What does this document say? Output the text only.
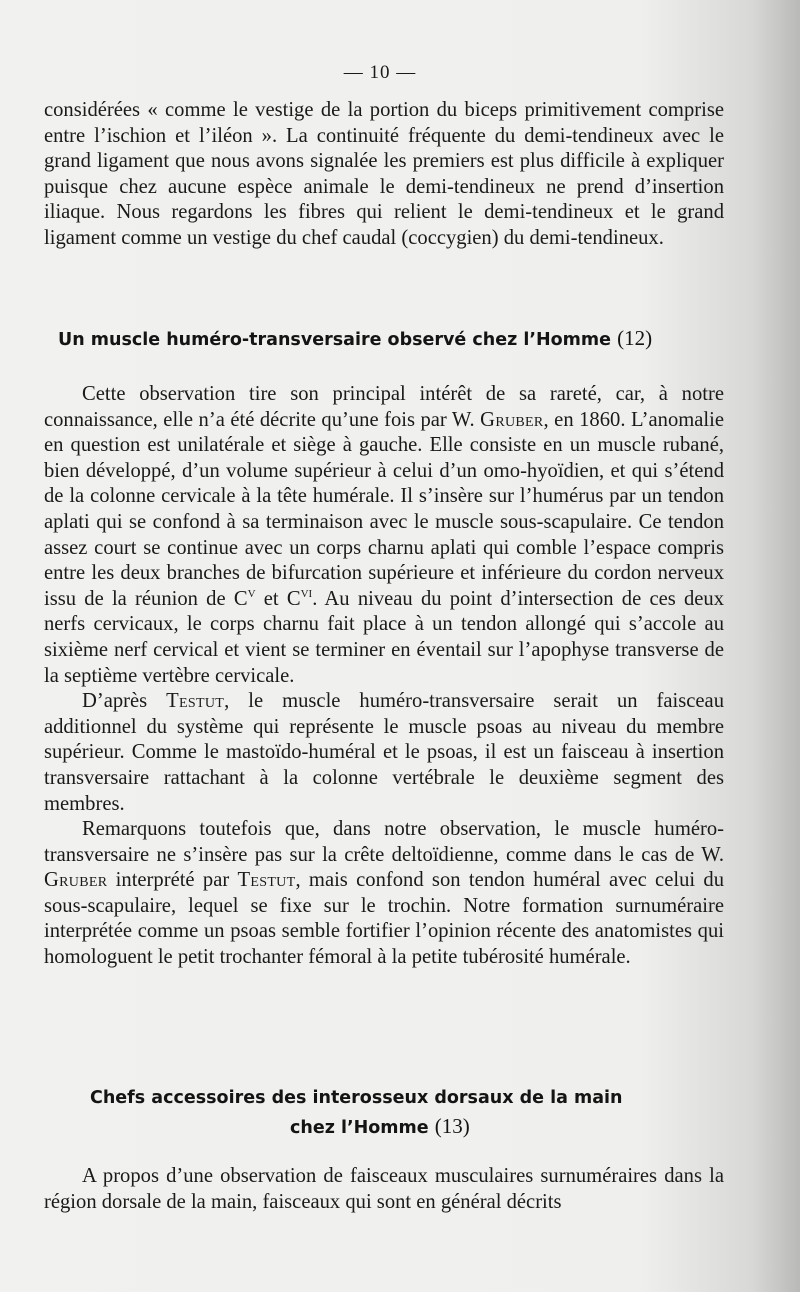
— 10 —

considérées « comme le vestige de la portion du biceps primitivement comprise entre l’ischion et l’iléon ». La continuité fréquente du demi-tendineux avec le grand ligament que nous avons signalée les premiers est plus difficile à expliquer puisque chez aucune espèce animale le demi-tendineux ne prend d’insertion iliaque. Nous regardons les fibres qui relient le demi-tendineux et le grand ligament comme un vestige du chef caudal (coccygien) du demi-tendineux.

Un muscle huméro-transversaire observé chez l’Homme (12)

Cette observation tire son principal intérêt de sa rareté, car, à notre connaissance, elle n’a été décrite qu’une fois par W. Gruber, en 1860. L’anomalie en question est unilatérale et siège à gauche. Elle consiste en un muscle rubané, bien développé, d’un volume supérieur à celui d’un omo-hyoïdien, et qui s’étend de la colonne cervicale à la tête humérale. Il s’insère sur l’humérus par un tendon aplati qui se confond à sa terminaison avec le muscle sous-scapulaire. Ce tendon assez court se continue avec un corps charnu aplati qui comble l’espace compris entre les deux branches de bifurcation supérieure et inférieure du cordon nerveux issu de la réunion de $C^V$ et $C^{VI}$. Au niveau du point d’intersection de ces deux nerfs cervicaux, le corps charnu fait place à un tendon allongé qui s’accole au sixième nerf cervical et vient se terminer en éventail sur l’apophyse transverse de la septième vertèbre cervicale.

D’après Testut, le muscle huméro-transversaire serait un faisceau additionnel du système qui représente le muscle psoas au niveau du membre supérieur. Comme le mastoïdo-huméral et le psoas, il est un faisceau à insertion transversaire rattachant à la colonne vertébrale le deuxième segment des membres.

Remarquons toutefois que, dans notre observation, le muscle huméro-transversaire ne s’insère pas sur la crête deltoïdienne, comme dans le cas de W. Gruber interprété par Testut, mais confond son tendon huméral avec celui du sous-scapulaire, lequel se fixe sur le trochin. Notre formation surnuméraire interprétée comme un psoas semble fortifier l’opinion récente des anatomistes qui homologuent le petit trochanter fémoral à la petite tubérosité humérale.

Chefs accessoires des interosseux dorsaux de la main
chez l’Homme (13)

A propos d’une observation de faisceaux musculaires surnuméraires dans la région dorsale de la main, faisceaux qui sont en général décrits
